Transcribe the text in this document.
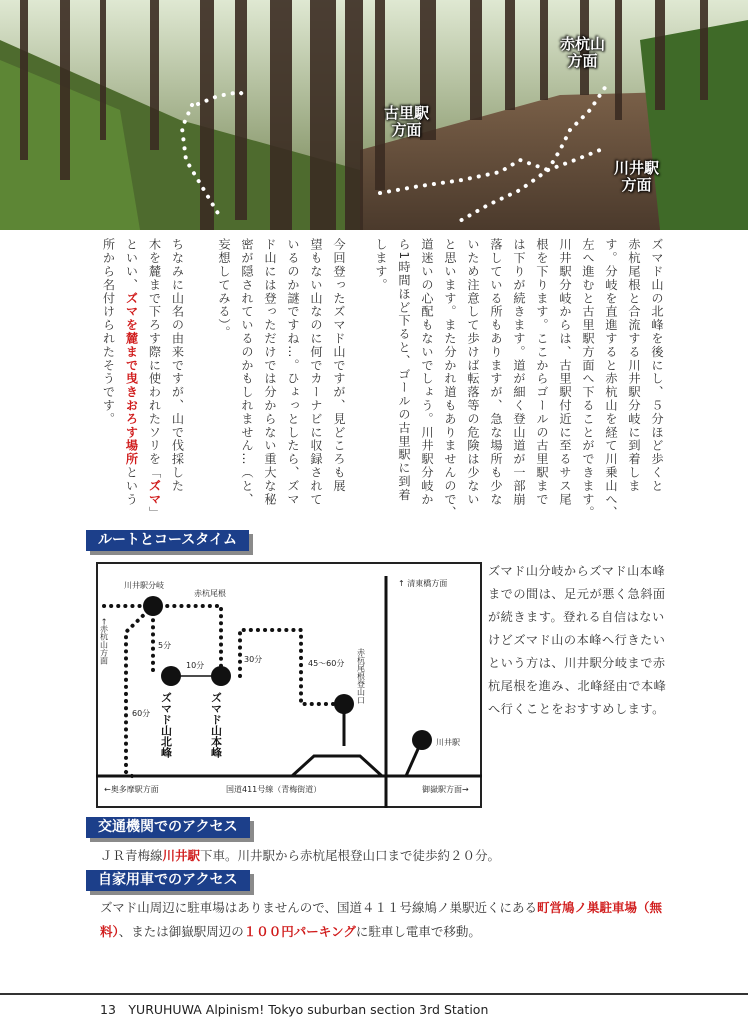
赤杭山
方面
古里駅
方面
川井駅
方面
ズマド山の北峰を後にし、５分ほど歩くと
赤杭尾根と合流する川井駅分岐に到着しま
す。分岐を直進すると赤杭山を経て川乗山へ、
左へ進むと古里駅方面へ下ることができます。
川井駅分岐からは、古里駅付近に至るサス尾
根を下ります。ここからゴールの古里駅まで
は下りが続きます。道が細く登山道が一部崩
落している所もありますが、急な場所も少な
いため注意して歩けば転落等の危険は少ない
と思います。また分かれ道もありませんので、
道迷いの心配もないでしょう。川井駅分岐か
ら1時間ほど下ると、ゴールの古里駅に到着
します。
今回登ったズマド山ですが、見どころも展
望もない山なのに何でカーナビに収録されて
いるのか謎ですね…。ひょっとしたら、ズマ
ド山には登っただけでは分からない重大な秘
密が隠されているのかもしれません…（と、
妄想してみる）。

ちなみに山名の由来ですが、山で伐採した
木を麓まで下ろす際に使われたソリを「ズマ」
といい、ズマを麓まで曳きおろす場所という
所から名付けられたそうです。
ルートとコースタイム
川井駅分岐
赤杭尾根
←赤杭山方面
↑ 清東橋方面
5分
10分
30分	45〜60分
60分 ズマド山北峰	ズマド山本峰
赤杭尾根登山口
川井駅
←奥多摩駅方面	国道411号線（青梅街道）	御嶽駅方面→
ズマド山分岐からズマド山本峰までの間は、足元が悪く急斜面が続きます。登れる自信はないけどズマド山の本峰へ行きたいという方は、川井駅分岐まで赤杭尾根を進み、北峰経由で本峰へ行くことをおすすめします。
交通機関でのアクセス
ＪＲ青梅線川井駅下車。川井駅から赤杭尾根登山口まで徒歩約２０分。
自家用車でのアクセス
ズマド山周辺に駐車場はありませんので、国道４１１号線鳩ノ巣駅近くにある町営鳩ノ巣駐車場（無料）、または御嶽駅周辺の１００円パーキングに駐車し電車で移動。
13　YURUHUWA Alpinism! Tokyo suburban section 3rd Station
